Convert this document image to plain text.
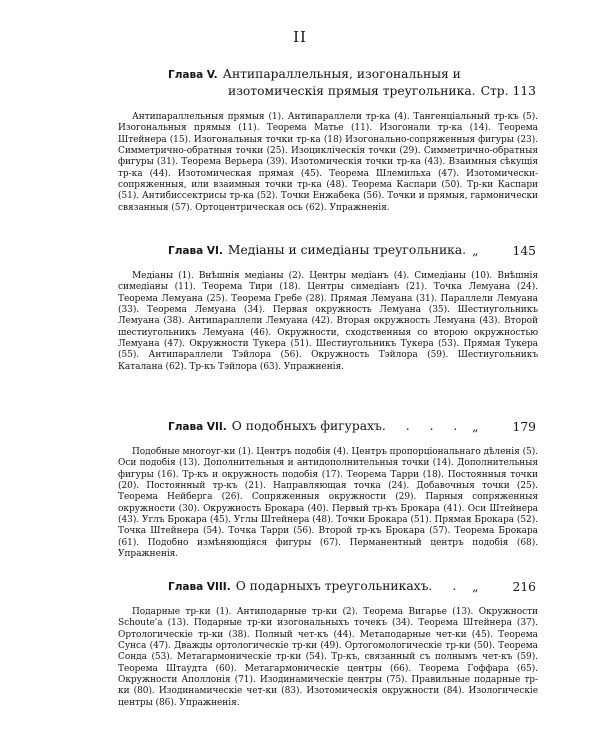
II
Глава V. Антипараллельныя, изогональныя и
изотомическія прямыя треугольника. Стр. 113
Антипараллельныя прямыя (1). Антипараллели тр-ка (4). Тангенціальный тр-къ (5). Изогональныя прямыя (11). Теорема Матье (11). Изогонали тр-ка (14). Теорема Штейнера (15). Изогональныя точки тр-ка (18) Изогонально-сопряженныя фигуры (23). Симметрично-обратныя точки (25). Изоцикліческія точки (29). Симметрично-обратныя фигуры (31). Теорема Верьера (39). Изотомическія точки тр-ка (43). Взаимныя сѣкущія тр-ка (44). Изотомическая прямая (45). Теорема Шлемильха (47). Изотомически-сопряженныя, или взаимныя точки тр-ка (48). Теорема Каспари (50). Тр-ки Каспари (51). Антибиссектрисы тр-ка (52). Точки Енжабека (56). Точки и прямыя, гармонически связанныя (57). Ортоцентрическая ось (62). Упражненія.
Глава VI. Медіаны и симедіаны треугольника. „	145
Медіаны (1). Внѣшнія медіаны (2). Центры медіанъ (4). Симедіаны (10). Внѣшнія симедіаны (11). Теорема Тири (18). Центры симедіанъ (21). Точка Лемуана (24). Теорема Лемуана (25). Теорема Гребе (28). Прямая Лемуана (31). Параллели Лемуана (33). Теорема Лемуана (34). Первая окружность Лемуана (35). Шестиугольникъ Лемуана (38). Антипараллели Лемуана (42). Вторая окружность Лемуана (43). Второй шестиугольникъ Лемуана (46). Окружности, сходственныя со второю окружностью Лемуана (47). Окружности Тукера (51). Шестиугольникъ Тукера (53). Прямая Тукера (55). Антипараллели Тэйлора (56). Окружность Тэйлора (59). Шестиугольникъ Каталана (62). Тр-къ Тэйлора (63). Упражненія.
Глава VII. О подобныхъ фигурахъ. . . . „	179
Подобные многоуг-ки (1). Центръ подобія (4). Центръ пропорціональнаго дѣленія (5). Оси подобія (13). Дополнительныя и антидополнительныя точки (14). Дополнительныя фигуры (16). Тр-къ и окружность подобія (17). Теорема Тарри (18). Постоянныя точки (20). Постоянный тр-къ (21). Направляющая точка (24). Добавочныя точки (25). Теорема Нейберга (26). Сопряженныя окружности (29). Парныя сопряженныя окружности (30). Окружность Брокара (40). Первый тр-къ Брокара (41). Оси Штейнера (43). Углъ Брокара (45). Углы Штейнера (48). Точки Брокара (51). Прямая Брокара (52). Точка Штейнера (54). Точка Тарри (56). Второй тр-къ Брокара (57). Теорема Брокара (61). Подобно измѣняющіяся фигуры (67). Перманентный центръ подобія (68). Упражненія.
Глава VIII. О подарныхъ треугольникахъ. . „	216
Подарные тр-ки (1). Антиподарные тр-ки (2). Теорема Вигарье (13). Окружности Schoute'а (13). Подарные тр-ки изогональныхъ точекъ (34). Теорема Штейнера (37). Ортологическіе тр-ки (38). Полный чет-къ (44). Метаподарные чет-ки (45). Теорема Сунса (47). Дважды ортологическіе тр-ки (49). Ортогомологическіе тр-ки (50). Теорема Сонда (53). Метагармоническіе тр-ки (54). Тр-къ, связанный съ полнымъ чет-къ (59). Теорема Штаудта (60). Метагармоническіе центры (66). Теорема Гоффара (65). Окружности Аполлонія (71). Изодинамическіе центры (75). Правильные подарные тр-ки (80). Изодинамическіе чет-ки (83). Изотомическія окружности (84). Изологическіе центры (86). Упражненія.
